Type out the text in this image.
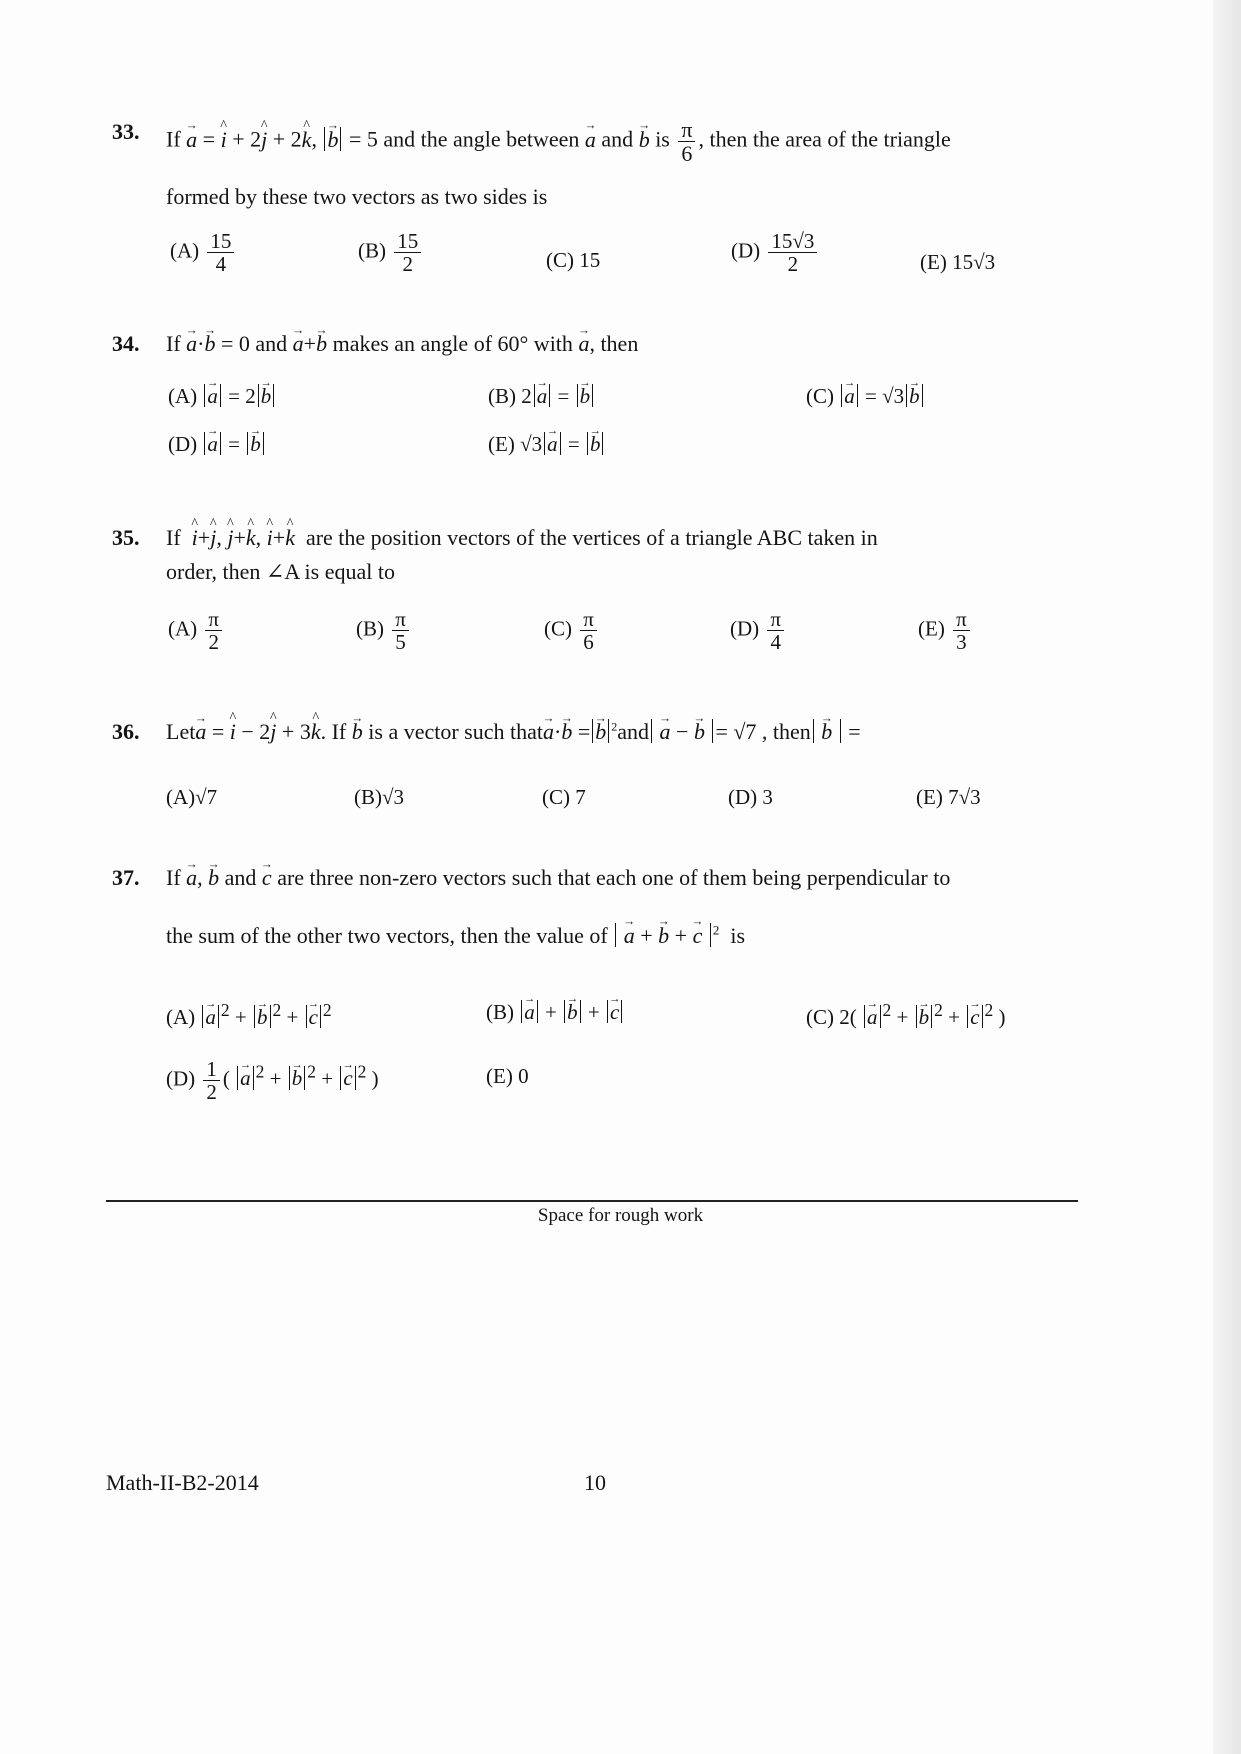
33. If a → = i ^ + 2j ^ + 2k ^, b → = 5 and the angle between a → and b → is $\frac{\pi}{6}$ , then the area of the triangle

formed by these two vectors as two sides is

$(A) \frac{15}{4}$	$(B) \frac{15}{2}$	(C) 15	$(D) \frac{15√3}{2}$	(E) 15√3
34. If a →·b → = 0 and a →+b → makes an angle of 60° with a →, then
(A) a → = 2 b →	(B) 2 a → = b →	(C) a → = √3 b →
(D) a → = b →	(E) √3 a → = b →
35. If  i ^+j ^, j ^+k ^, i ^+k ^ are the position vectors of the vertices of a triangle ABC taken in

order, then ∠A is equal to

$(A) \frac{\pi}{2}$	$(B) \frac{\pi}{5}$	$(C) \frac{\pi}{6}$	$(D) \frac{\pi}{4}$	$(E) \frac{\pi}{3}$
36. Leta → = i ^ − 2j ^ + 3k ^. If b → is a vector such thata →·b → = b → $^2$and a → − b → = √7 , then b →  =
(A)√7	(B)√3	(C) 7	(D) 3	(E) 7√3
37. If a →, b → and c → are three non-zero vectors such that each one of them being perpendicular to

the sum of the other two vectors, then the value of a → + b → + c → $^2$ is

(A) a → $^2$ + b → $^2$ + c → $^2$	(B) a → + b → + c →	(C) 2( a → $^2$ + b → $^2$ + c → $^2$ )
$(D) \frac{1}{2}$ ( a → $^2$ + b → $^2$ + c → $^2$ )	(E) 0
Space for rough work
Math-II-B2-2014	10
